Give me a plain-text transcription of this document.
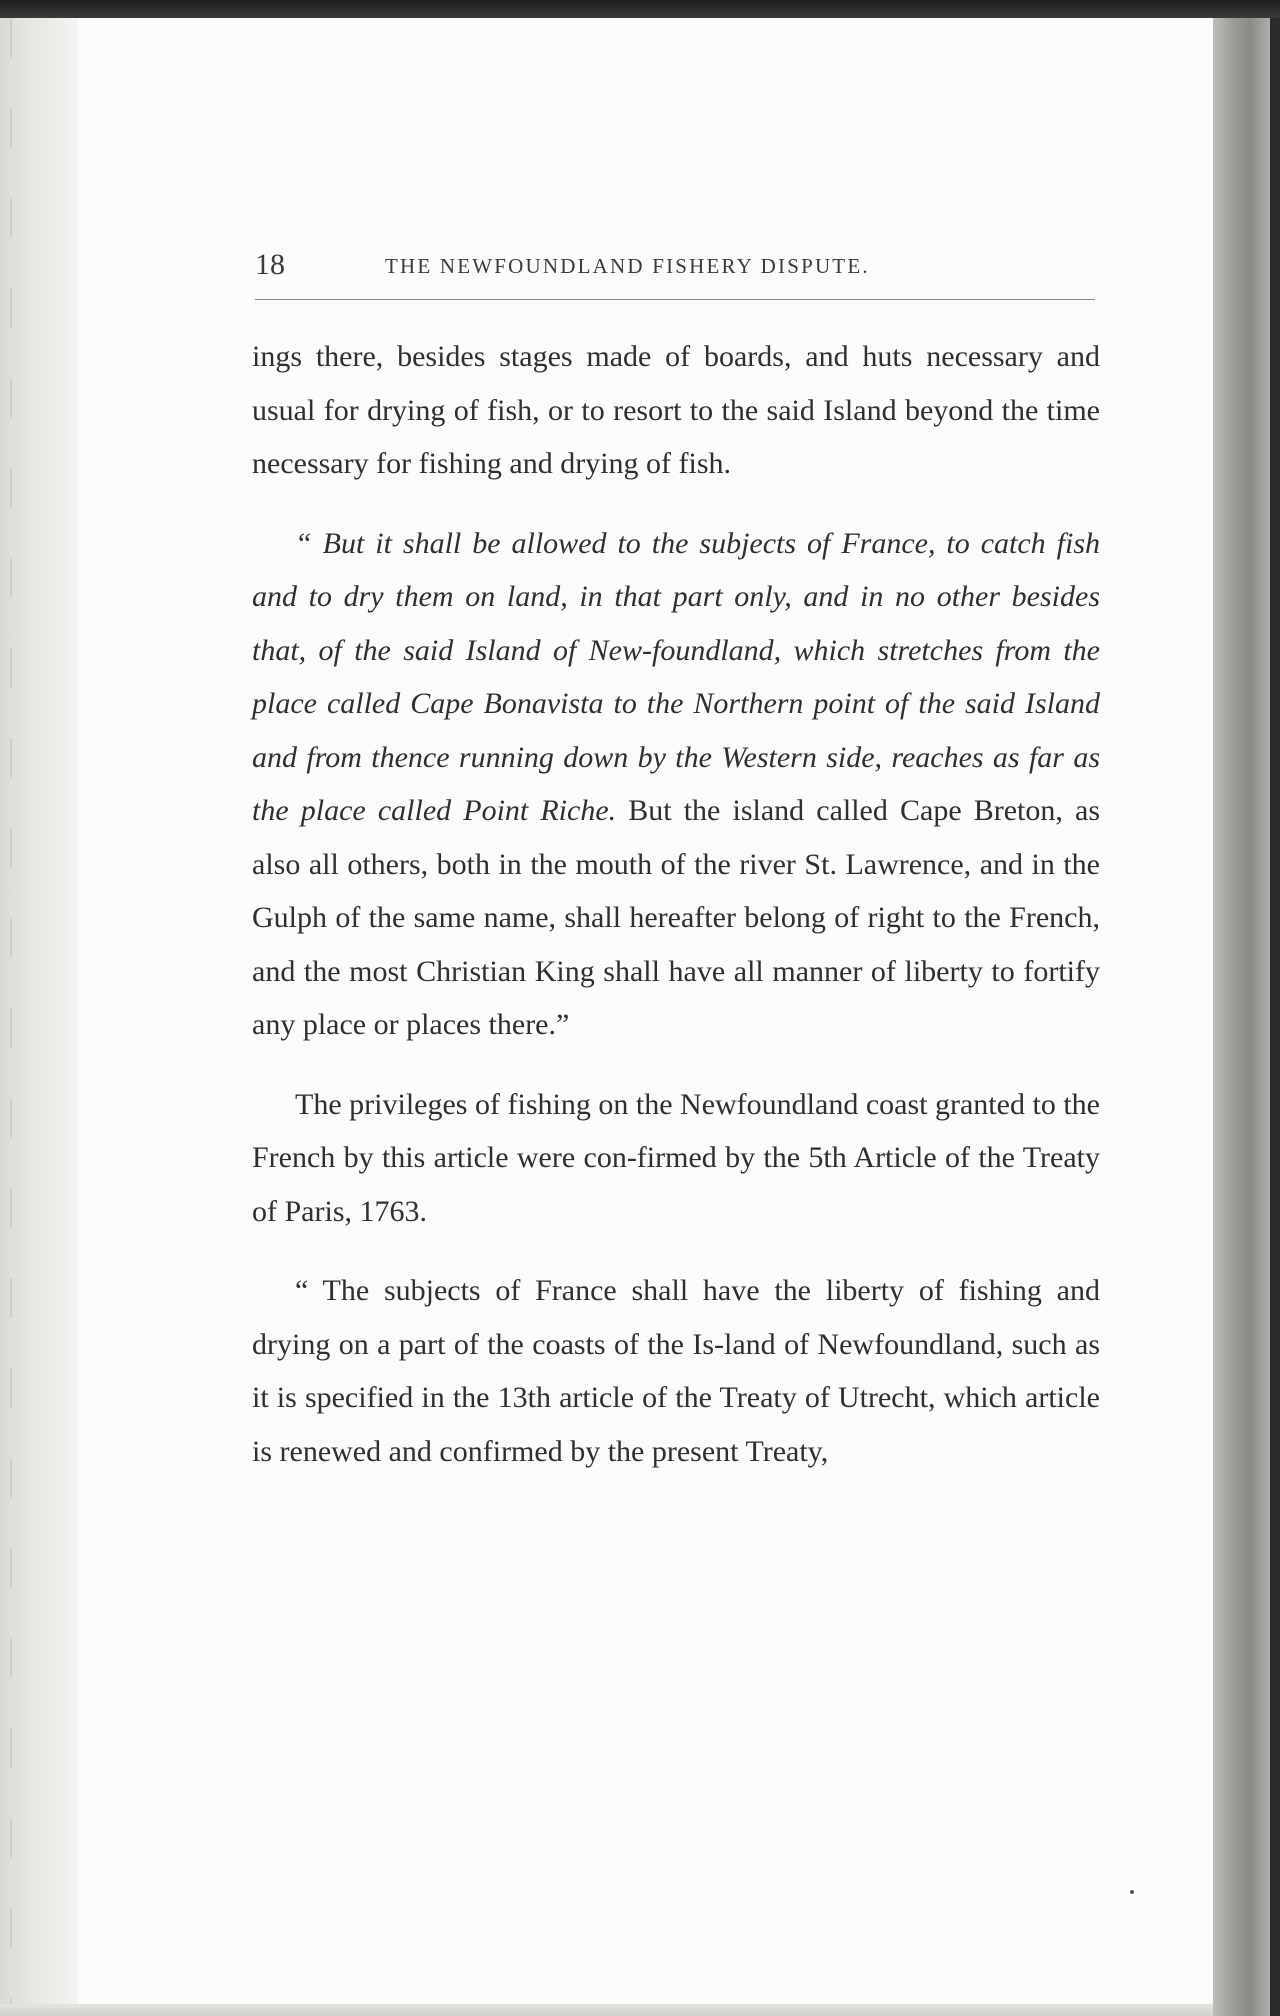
18	THE NEWFOUNDLAND FISHERY DISPUTE.

ings there, besides stages made of boards, and huts necessary and usual for drying of fish, or to resort to the said Island beyond the time necessary for fishing and drying of fish.

“ But it shall be allowed to the subjects of France, to catch fish and to dry them on land, in that part only, and in no other besides that, of the said Island of New-foundland, which stretches from the place called Cape Bonavista to the Northern point of the said Island and from thence running down by the Western side, reaches as far as the place called Point Riche. But the island called Cape Breton, as also all others, both in the mouth of the river St. Lawrence, and in the Gulph of the same name, shall hereafter belong of right to the French, and the most Christian King shall have all manner of liberty to fortify any place or places there.”

The privileges of fishing on the Newfoundland coast granted to the French by this article were con-firmed by the 5th Article of the Treaty of Paris, 1763.

“ The subjects of France shall have the liberty of fishing and drying on a part of the coasts of the Is-land of Newfoundland, such as it is specified in the 13th article of the Treaty of Utrecht, which article is renewed and confirmed by the present Treaty,
